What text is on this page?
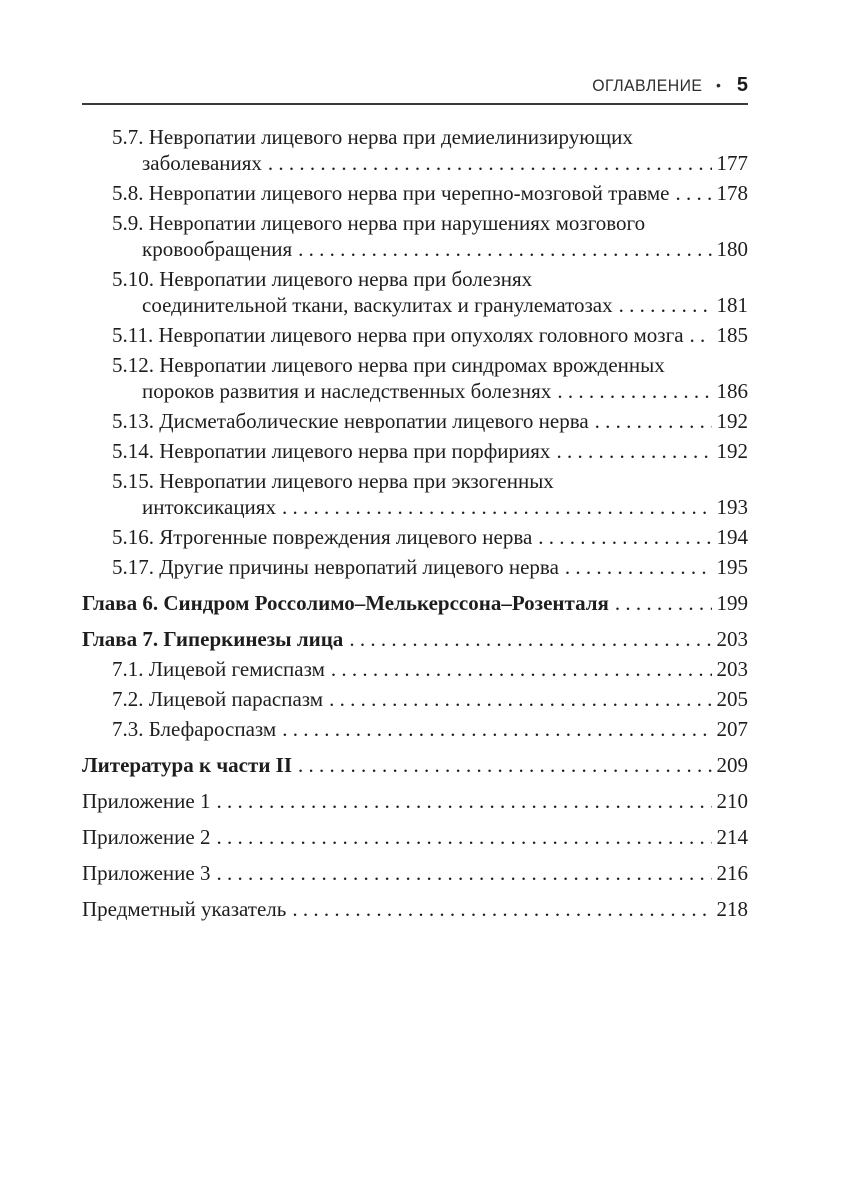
ОГЛАВЛЕНИЕ • 5
5.7. Невропатии лицевого нерва при демиелинизирующих
заболеваниях . . .	177
5.8. Невропатии лицевого нерва при черепно-мозговой травме . . . 178
5.9. Невропатии лицевого нерва при нарушениях мозгового
кровообращения . . .	180
5.10. Невропатии лицевого нерва при болезнях
соединительной ткани, васкулитах и гранулематозах . . .	181
5.11. Невропатии лицевого нерва при опухолях головного мозга . . . 185
5.12. Невропатии лицевого нерва при синдромах врожденных
пороков развития и наследственных болезнях . . .	186
5.13. Дисметаболические невропатии лицевого нерва . . .	192
5.14. Невропатии лицевого нерва при порфириях . . .	192
5.15. Невропатии лицевого нерва при экзогенных
интоксикациях . . .	193
5.16. Ятрогенные повреждения лицевого нерва . . .	194
5.17. Другие причины невропатий лицевого нерва . . .	195
Глава 6. Синдром Россолимо–Мелькерссона–Розенталя . . .	199
Глава 7. Гиперкинезы лица . . .	203
7.1. Лицевой гемиспазм . . .	203
7.2. Лицевой параспазм . . .	205
7.3. Блефароспазм . . .	207
Литература к части II . . .	209
Приложение 1 . . .	210
Приложение 2 . . .	214
Приложение 3 . . .	216
Предметный указатель . . .	218
